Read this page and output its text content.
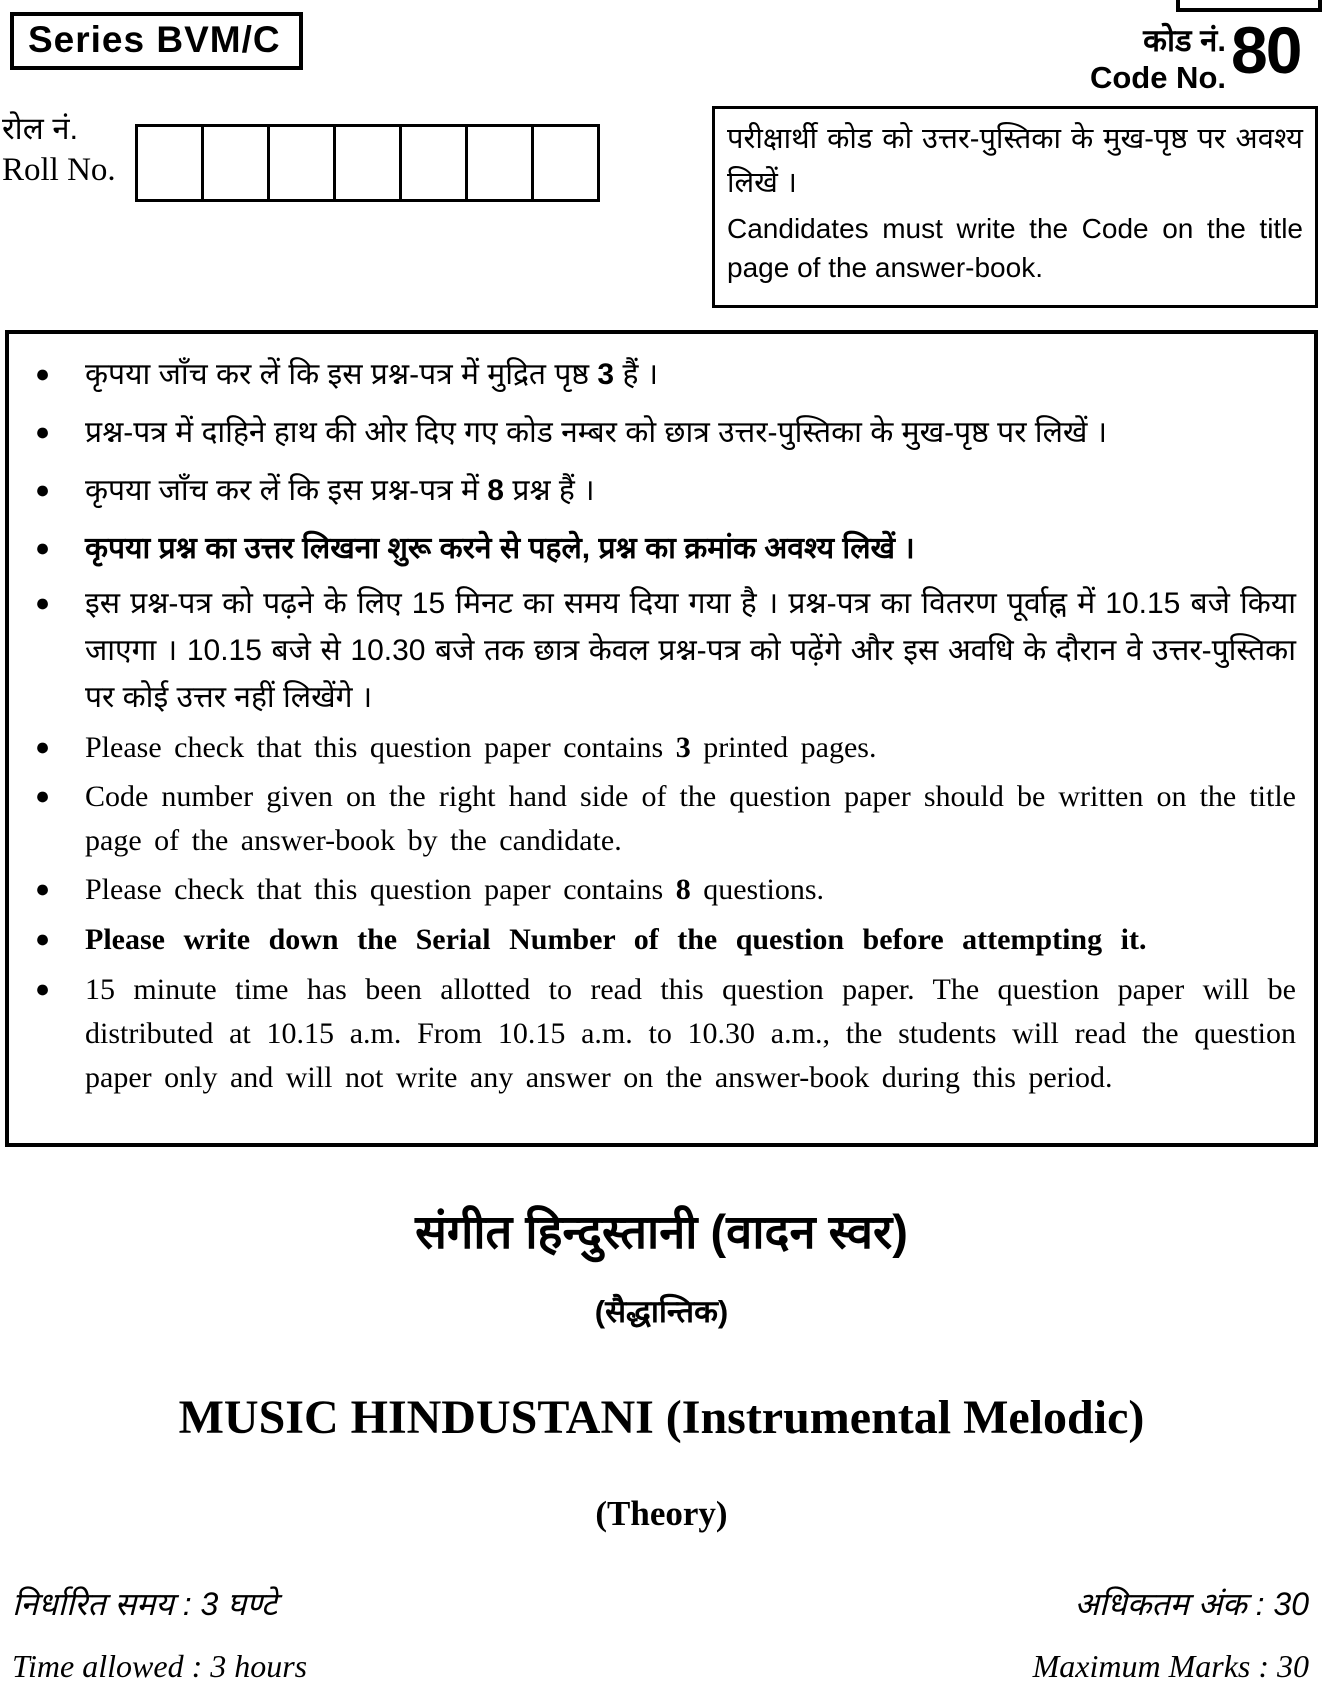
Series BVM/C	कोड नं.
Code No. 80
रोल नं.
Roll No.
परीक्षार्थी कोड को उत्तर-पुस्तिका के मुख-पृष्ठ पर अवश्य लिखें ।
Candidates must write the Code on the title page of the answer-book.
● कृपया जाँच कर लें कि इस प्रश्न-पत्र में मुद्रित पृष्ठ 3 हैं ।
● प्रश्न-पत्र में दाहिने हाथ की ओर दिए गए कोड नम्बर को छात्र उत्तर-पुस्तिका के मुख-पृष्ठ पर लिखें ।
● कृपया जाँच कर लें कि इस प्रश्न-पत्र में 8 प्रश्न हैं ।
● कृपया प्रश्न का उत्तर लिखना शुरू करने से पहले, प्रश्न का क्रमांक अवश्य लिखें ।
● इस प्रश्न-पत्र को पढ़ने के लिए 15 मिनट का समय दिया गया है । प्रश्न-पत्र का वितरण पूर्वाह्न में 10.15 बजे किया जाएगा । 10.15 बजे से 10.30 बजे तक छात्र केवल प्रश्न-पत्र को पढ़ेंगे और इस अवधि के दौरान वे उत्तर-पुस्तिका पर कोई उत्तर नहीं लिखेंगे ।
● Please check that this question paper contains 3 printed pages.
● Code number given on the right hand side of the question paper should be written on the title page of the answer-book by the candidate.
● Please check that this question paper contains 8 questions.
● Please write down the Serial Number of the question before attempting it.
● 15 minute time has been allotted to read this question paper. The question paper will be distributed at 10.15 a.m. From 10.15 a.m. to 10.30 a.m., the students will read the question paper only and will not write any answer on the answer-book during this period.
संगीत हिन्दुस्तानी (वादन स्वर)
(सैद्धान्तिक)
MUSIC HINDUSTANI (Instrumental Melodic)
(Theory)
निर्धारित समय : 3 घण्टे	अधिकतम अंक : 30
Time allowed : 3 hours	Maximum Marks : 30
